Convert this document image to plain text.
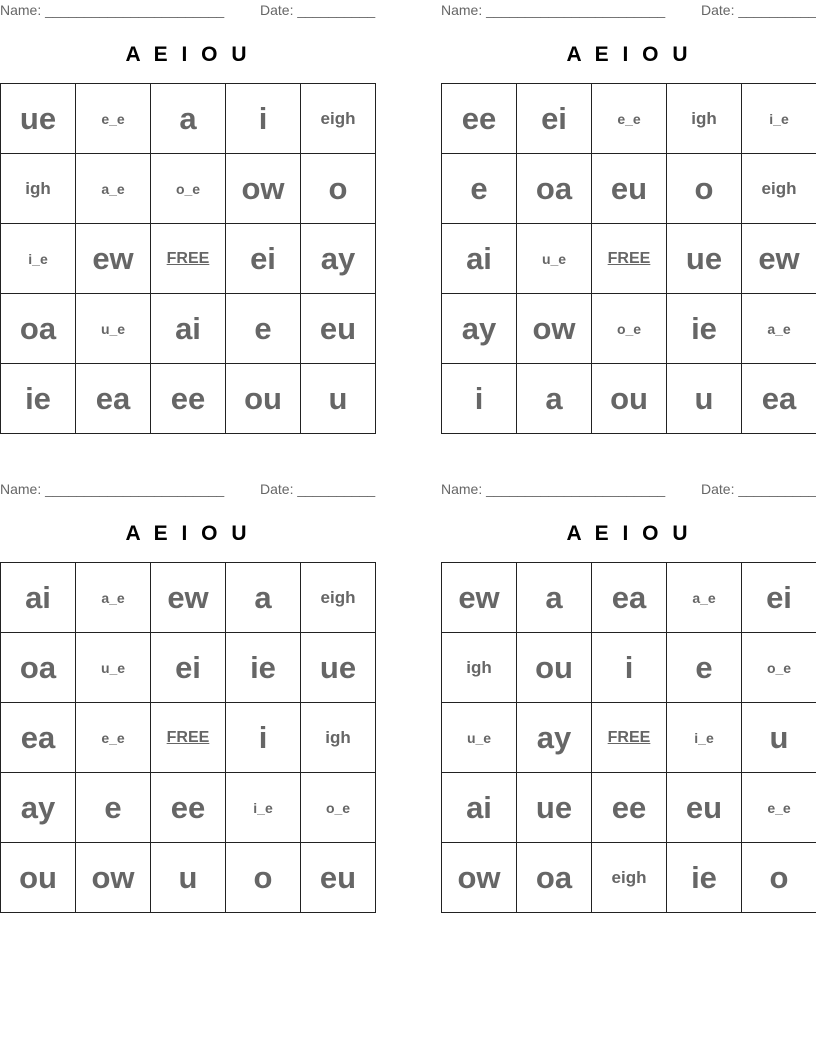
Name: _______________________	Date: __________
A E I O U
ue	e_e	a	i	eigh
igh	a_e	o_e	ow	o
i_e	ew	FREE	ei	ay
oa	u_e	ai	e	eu
ie	ea	ee	ou	u
Name: _______________________	Date: __________
A E I O U
ee	ei	e_e	igh	i_e
e	oa	eu	o	eigh
ai	u_e	FREE	ue	ew
ay	ow	o_e	ie	a_e
i	a	ou	u	ea
Name: _______________________	Date: __________
A E I O U
ai	a_e	ew	a	eigh
oa	u_e	ei	ie	ue
ea	e_e	FREE	i	igh
ay	e	ee	i_e	o_e
ou	ow	u	o	eu
Name: _______________________	Date: __________
A E I O U
ew	a	ea	a_e	ei
igh	ou	i	e	o_e
u_e	ay	FREE	i_e	u
ai	ue	ee	eu	e_e
ow	oa	eigh	ie	o
